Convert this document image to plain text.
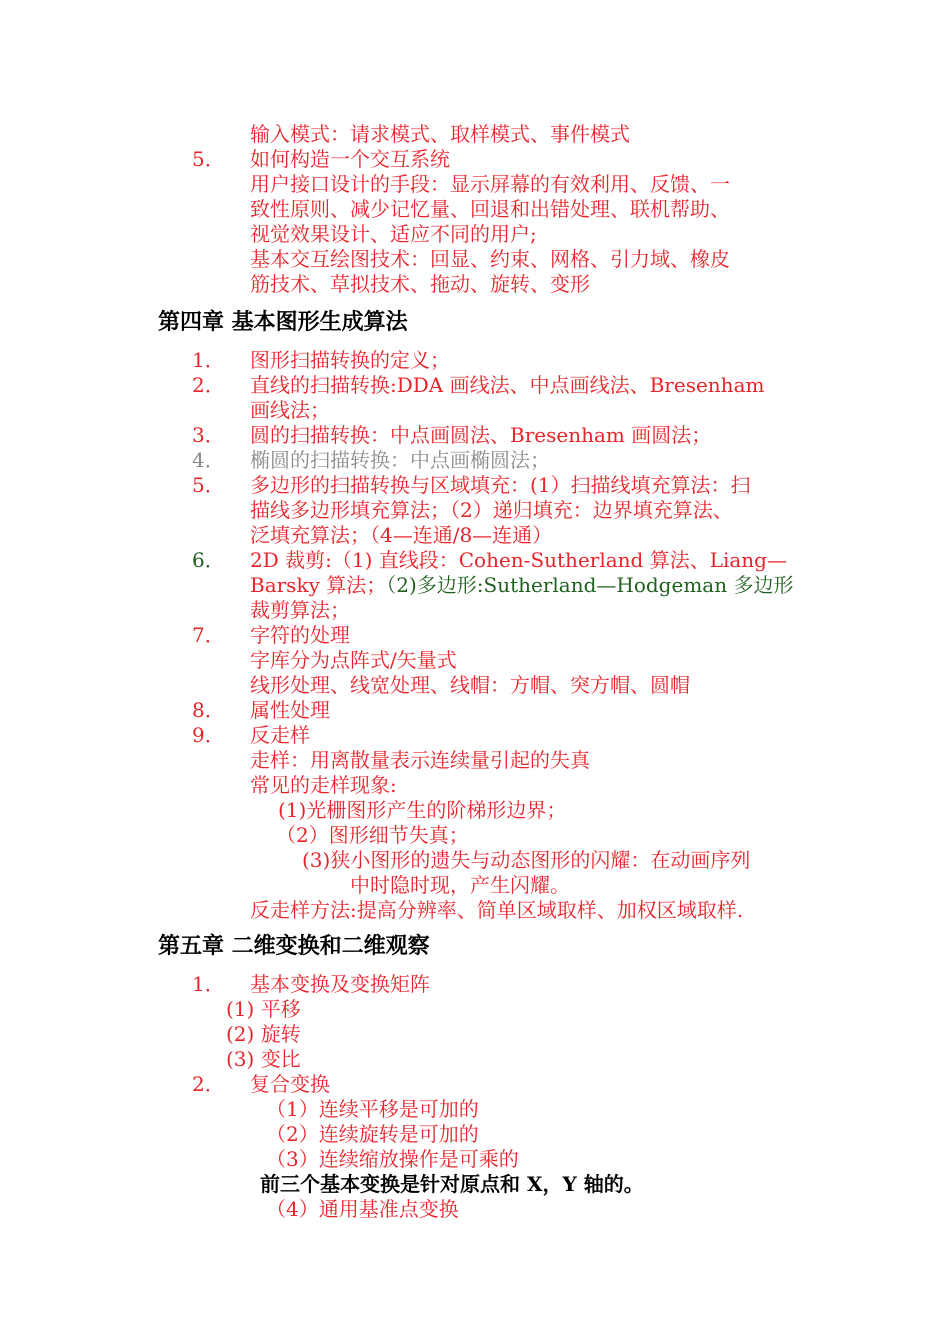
输入模式：请求模式、取样模式、事件模式
5． 如何构造一个交互系统
用户接口设计的手段：显示屏幕的有效利用、反馈、一
致性原则、减少记忆量、回退和出错处理、联机帮助、
视觉效果设计、适应不同的用户;
基本交互绘图技术：回显、约束、网格、引力域、橡皮
筋技术、草拟技术、拖动、旋转、变形
第四章 基本图形生成算法
1． 图形扫描转换的定义；
2． 直线的扫描转换:DDA 画线法、中点画线法、Bresenham
画线法；
3． 圆的扫描转换：中点画圆法、Bresenham 画圆法；
4． 椭圆的扫描转换：中点画椭圆法；
5． 多边形的扫描转换与区域填充：(1）扫描线填充算法：扫
描线多边形填充算法；（2）递归填充：边界填充算法、
泛填充算法；（4—连通/8—连通）
6． 2D 裁剪:（1) 直线段：Cohen-Sutherland 算法、Liang—
Barsky 算法；（2)多边形:Sutherland—Hodgeman 多边形
裁剪算法；
7． 字符的处理
字库分为点阵式/矢量式
线形处理、线宽处理、线帽：方帽、突方帽、圆帽
8． 属性处理
9． 反走样
走样：用离散量表示连续量引起的失真
常见的走样现象:
(1)光栅图形产生的阶梯形边界；
（2）图形细节失真；
(3)狭小图形的遗失与动态图形的闪耀：在动画序列
中时隐时现，产生闪耀。
反走样方法:提高分辨率、简单区域取样、加权区域取样.
第五章 二维变换和二维观察
1． 基本变换及变换矩阵
(1) 平移
(2) 旋转
(3) 变比
2． 复合变换
（1）连续平移是可加的
（2）连续旋转是可加的
（3）连续缩放操作是可乘的
前三个基本变换是针对原点和 X，Y 轴的。
（4）通用基准点变换
